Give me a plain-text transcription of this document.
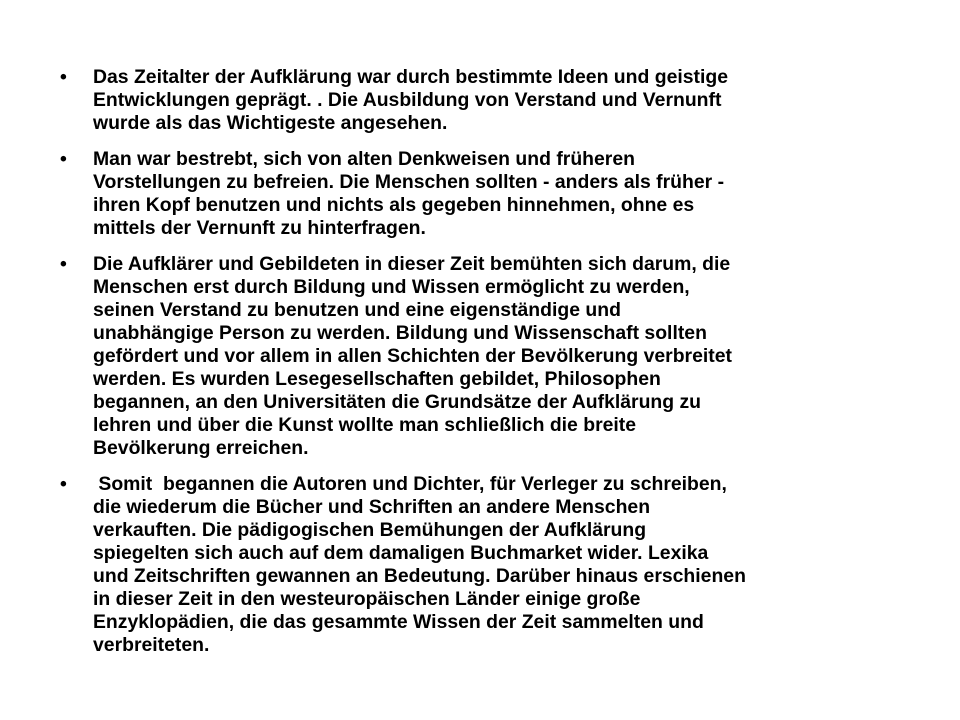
• Das Zeitalter der Aufklärung war durch bestimmte Ideen und geistige
Entwicklungen geprägt. . Die Ausbildung von Verstand und Vernunft
wurde als das Wichtigeste angesehen.
• Man war bestrebt, sich von alten Denkweisen und früheren
Vorstellungen zu befreien. Die Menschen sollten - anders als früher -
ihren Kopf benutzen und nichts als gegeben hinnehmen, ohne es
mittels der Vernunft zu hinterfragen.
• Die Aufklärer und Gebildeten in dieser Zeit bemühten sich darum, die
Menschen erst durch Bildung und Wissen ermöglicht zu werden,
seinen Verstand zu benutzen und eine eigenständige und
unabhängige Person zu werden. Bildung und Wissenschaft sollten
gefördert und vor allem in allen Schichten der Bevölkerung verbreitet
werden. Es wurden Lesegesellschaften gebildet, Philosophen
begannen, an den Universitäten die Grundsätze der Aufklärung zu
lehren und über die Kunst wollte man schließlich die breite
Bevölkerung erreichen.
• Somit  begannen die Autoren und Dichter, für Verleger zu schreiben,
die wiederum die Bücher und Schriften an andere Menschen
verkauften. Die pädigogischen Bemühungen der Aufklärung
spiegelten sich auch auf dem damaligen Buchmarket wider. Lexika
und Zeitschriften gewannen an Bedeutung. Darüber hinaus erschienen
in dieser Zeit in den westeuropäischen Länder einige große
Enzyklopädien, die das gesammte Wissen der Zeit sammelten und
verbreiteten.
